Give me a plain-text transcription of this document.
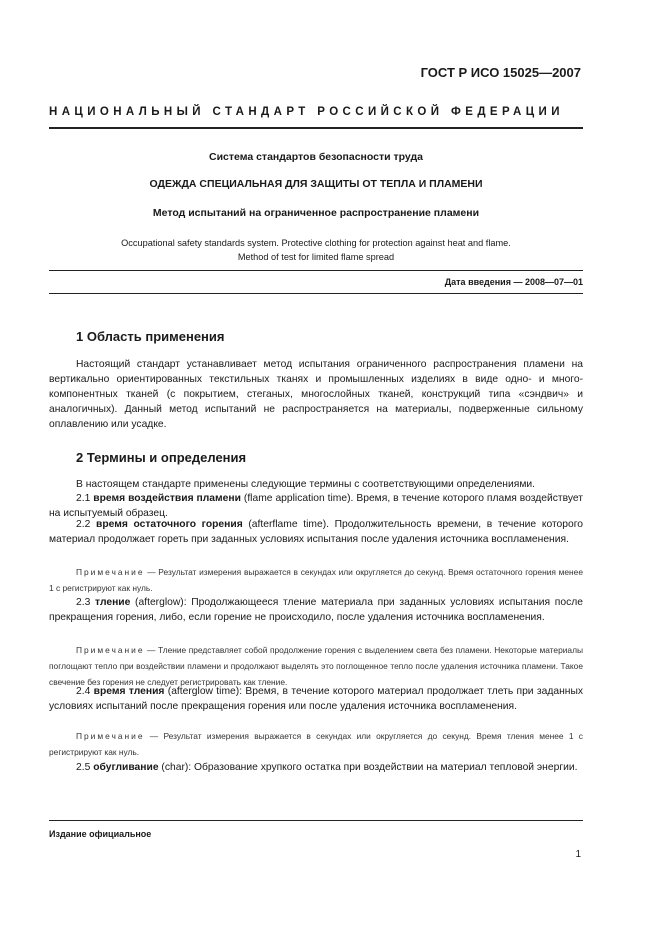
ГОСТ Р ИСО 15025—2007
НАЦИОНАЛЬНЫЙ СТАНДАРТ РОССИЙСКОЙ ФЕДЕРАЦИИ
Система стандартов безопасности труда
ОДЕЖДА СПЕЦИАЛЬНАЯ ДЛЯ ЗАЩИТЫ ОТ ТЕПЛА И ПЛАМЕНИ
Метод испытаний на ограниченное распространение пламени
Occupational safety standards system. Protective clothing for protection against heat and flame.
Method of test for limited flame spread
Дата введения — 2008—07—01
1 Область применения
Настоящий стандарт устанавливает метод испытания ограниченного распространения пламени на вертикально ориентированных текстильных тканях и промышленных изделиях в виде одно- и много-компонентных тканей (с покрытием, стеганых, многослойных тканей, конструкций типа «сэндвич» и аналогичных). Данный метод испытаний не распространяется на материалы, подверженные сильному оплавлению или усадке.
2 Термины и определения
В настоящем стандарте применены следующие термины с соответствующими определениями.
2.1 время воздействия пламени (flame application time). Время, в течение которого пламя воздействует на испытуемый образец.
2.2 время остаточного горения (afterflame time). Продолжительность времени, в течение которого материал продолжает гореть при заданных условиях испытания после удаления источника воспламенения.
Примечание — Результат измерения выражается в секундах или округляется до секунд. Время остаточного горения менее 1 с регистрируют как нуль.
2.3 тление (afterglow): Продолжающееся тление материала при заданных условиях испытания после прекращения горения, либо, если горение не происходило, после удаления источника воспламенения.
Примечание — Тление представляет собой продолжение горения с выделением света без пламени. Некоторые материалы поглощают тепло при воздействии пламени и продолжают выделять это поглощенное тепло после удаления источника пламени. Такое свечение без горения не следует регистрировать как тление.
2.4 время тления (afterglow time): Время, в течение которого материал продолжает тлеть при заданных условиях испытаний после прекращения горения или после удаления источника воспламенения.
Примечание — Результат измерения выражается в секундах или округляется до секунд. Время тления менее 1 с регистрируют как нуль.
2.5 обугливание (char): Образование хрупкого остатка при воздействии на материал тепловой энергии.
Издание официальное
1
